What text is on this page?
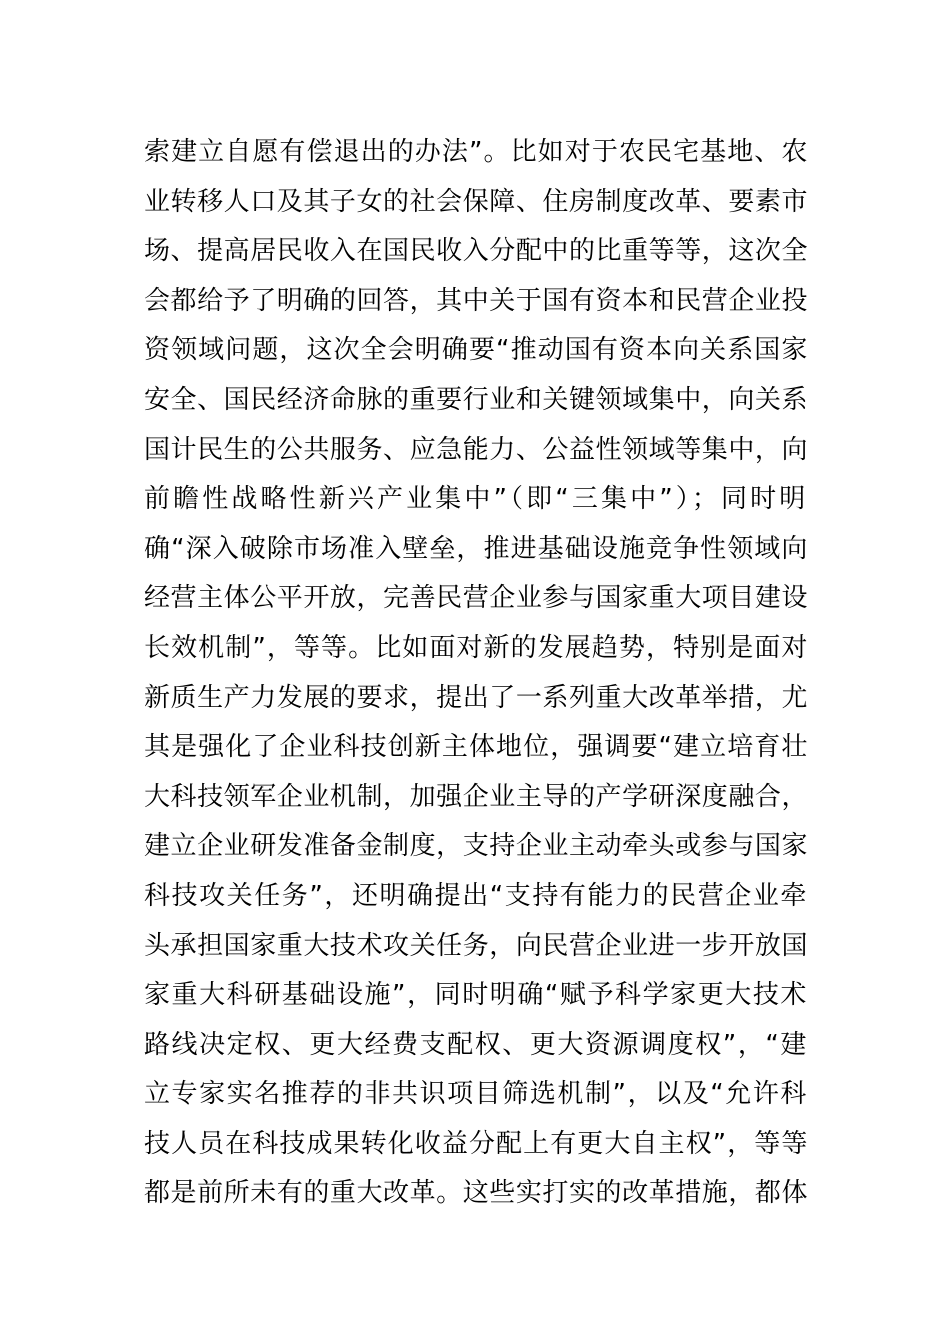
索建立自愿有偿退出的办法”。比如对于农民宅基地、农
业转移人口及其子女的社会保障、住房制度改革、要素市
场、提高居民收入在国民收入分配中的比重等等，这次全
会都给予了明确的回答，其中关于国有资本和民营企业投
资领域问题，这次全会明确要“推动国有资本向关系国家
安全、国民经济命脉的重要行业和关键领域集中，向关系
国计民生的公共服务、应急能力、公益性领域等集中，向
前瞻性战略性新兴产业集中”（即“三集中”）；同时明
确“深入破除市场准入壁垒，推进基础设施竞争性领域向
经营主体公平开放，完善民营企业参与国家重大项目建设
长效机制”，等等。比如面对新的发展趋势，特别是面对
新质生产力发展的要求，提出了一系列重大改革举措，尤
其是强化了企业科技创新主体地位，强调要“建立培育壮
大科技领军企业机制，加强企业主导的产学研深度融合，
建立企业研发准备金制度，支持企业主动牵头或参与国家
科技攻关任务”，还明确提出“支持有能力的民营企业牵
头承担国家重大技术攻关任务，向民营企业进一步开放国
家重大科研基础设施”，同时明确“赋予科学家更大技术
路线决定权、更大经费支配权、更大资源调度权”，“建
立专家实名推荐的非共识项目筛选机制”，以及“允许科
技人员在科技成果转化收益分配上有更大自主权”，等等
都是前所未有的重大改革。这些实打实的改革措施，都体
